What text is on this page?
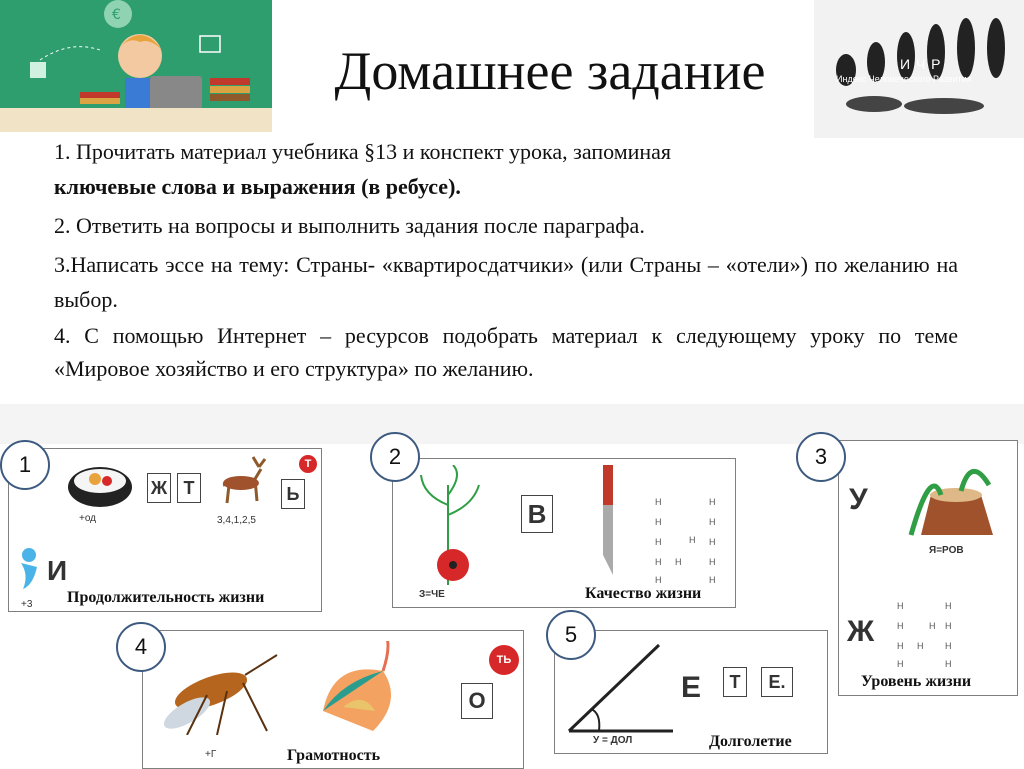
€
Домашнее задание	И Ч Р
Индекс Человеческого Развития

1. Прочитать материал учебника §13 и конспект урока, запоминая
ключевые слова и выражения (в ребусе).

2. Ответить на вопросы и выполнить задания после параграфа.

3.Написать эссе на тему: Страны- «квартиросдатчики» (или Страны – «отели») по желанию на выбор.

4. С помощью Интернет – ресурсов подобрать материал к следующему уроку по теме «Мировое хозяйство и его структура» по желанию.

+од
Ж Т
3,4,1,2,5
Ь
Т
+3
И
Продолжительность жизни
1
З=ЧЕ
В	H
H
H
H
H
H
H
H
H
H
H
H
Качество жизни
2
У
Я=РОВ
Ж
H
H
H
H
H
H
H
H
H
H
Уровень жизни
3
+Г
О
ТЬ
Грамотность
4
У = ДОЛ
Е	Т	Е.
Долголетие
5
